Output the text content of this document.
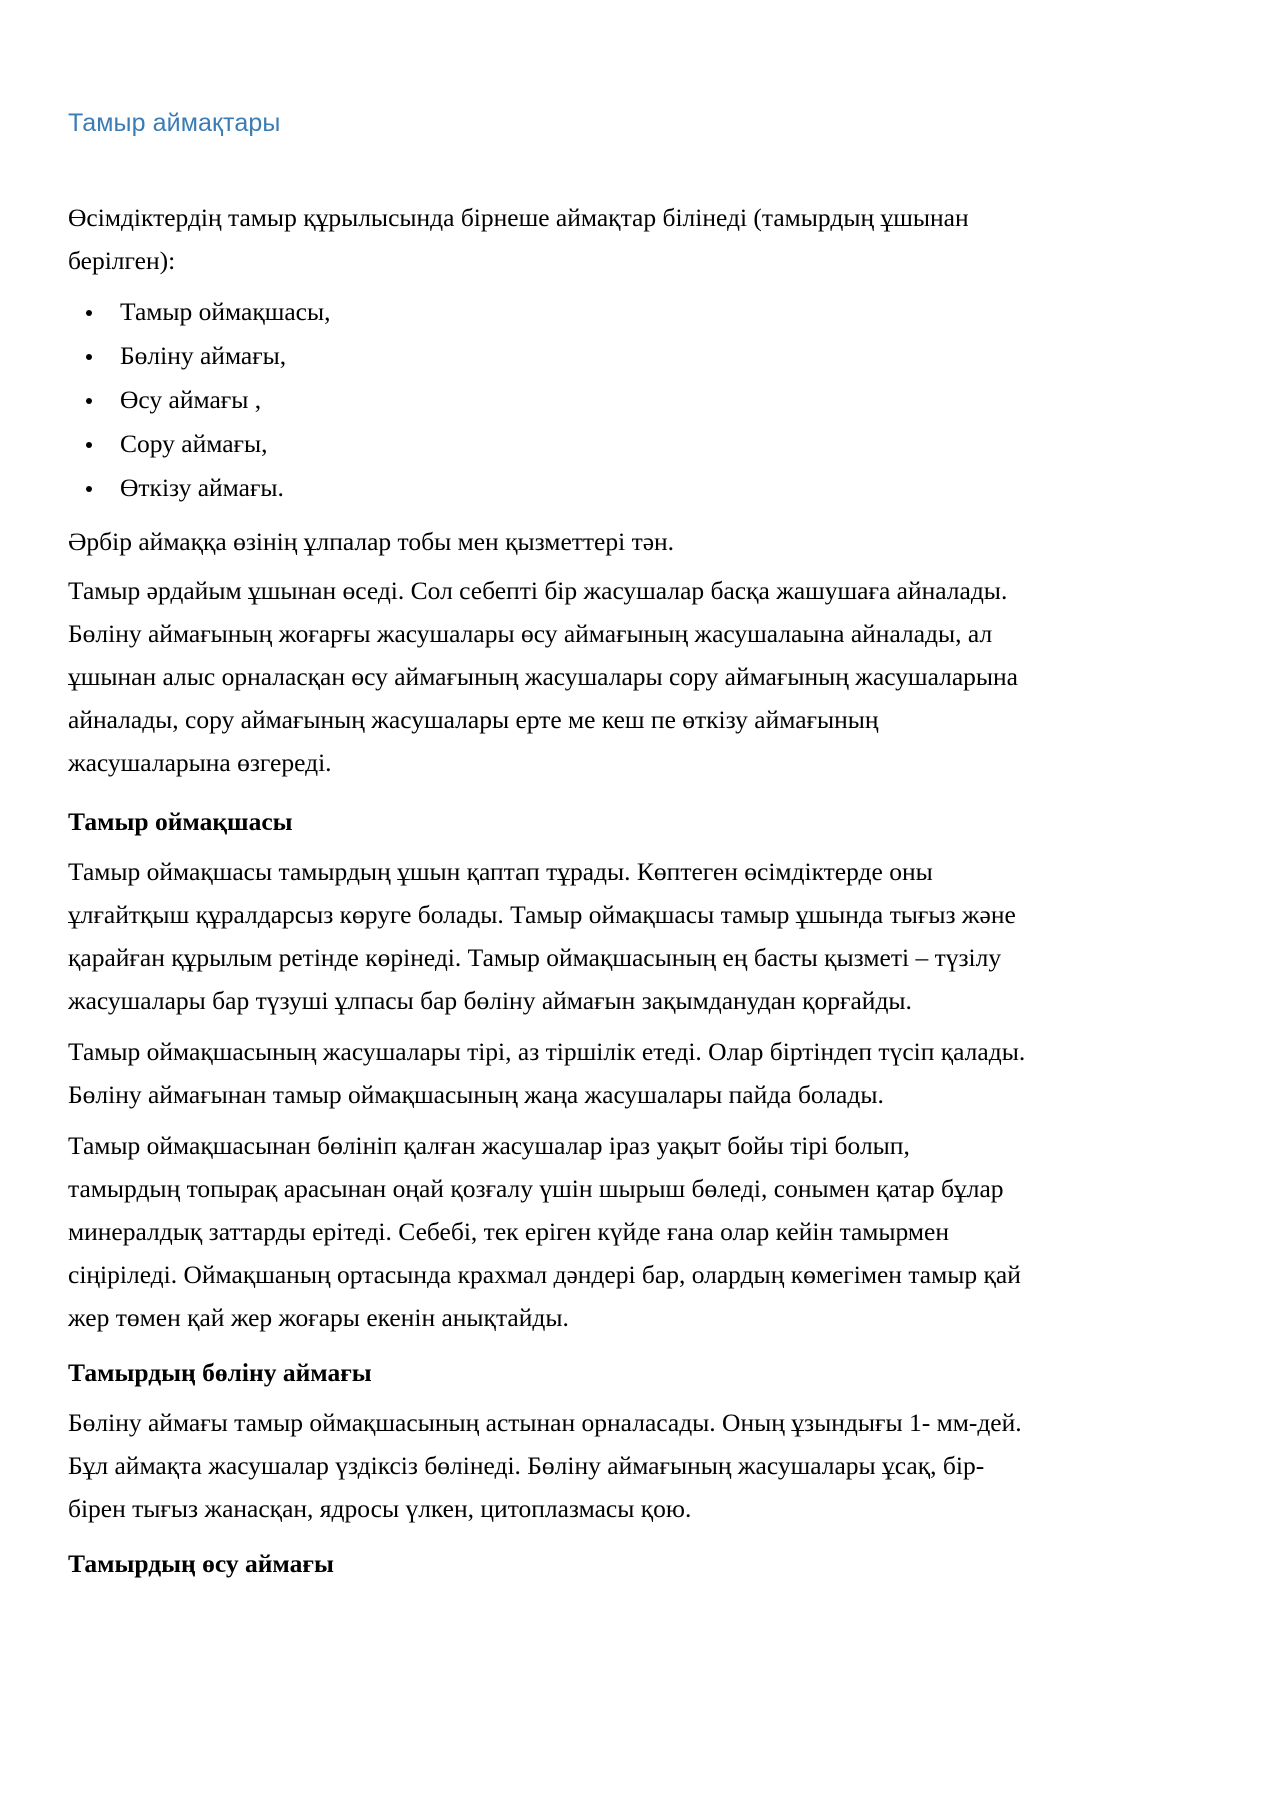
Тамыр аймақтары

Өсімдіктердің тамыр құрылысында бірнеше аймақтар білінеді (тамырдың ұшынан берілген):

Тамыр оймақшасы,
Бөліну аймағы,
Өсу аймағы ,
Сору аймағы,
Өткізу аймағы.

Әрбір аймаққа өзінің ұлпалар тобы мен қызметтері тән.

Тамыр әрдайым ұшынан өседі. Сол себепті бір жасушалар басқа жашушаға айналады. Бөліну аймағының жоғарғы жасушалары өсу аймағының жасушалаына айналады, ал ұшынан алыс орналасқан өсу аймағының жасушалары сору аймағының жасушаларына айналады, сору аймағының жасушалары ерте ме кеш пе өткізу аймағының жасушаларына өзгереді.

Тамыр оймақшасы

Тамыр оймақшасы тамырдың ұшын қаптап тұрады. Көптеген өсімдіктерде оны ұлғайтқыш құралдарсыз көруге болады. Тамыр оймақшасы тамыр ұшында тығыз және қарайған құрылым ретінде көрінеді. Тамыр оймақшасының ең басты қызметі – түзілу жасушалары бар түзуші ұлпасы бар бөліну аймағын зақымданудан қорғайды.

Тамыр оймақшасының жасушалары тірі, аз тіршілік етеді. Олар біртіндеп түсіп қалады. Бөліну аймағынан тамыр оймақшасының жаңа жасушалары пайда болады.

Тамыр оймақшасынан бөлініп қалған жасушалар іраз уақыт бойы тірі болып, тамырдың топырақ арасынан оңай қозғалу үшін шырыш бөледі, сонымен қатар бұлар минералдық заттарды ерітеді. Себебі, тек еріген күйде ғана олар кейін тамырмен сіңіріледі. Оймақшаның ортасында крахмал дәндері бар, олардың көмегімен тамыр қай жер төмен қай жер жоғары екенін анықтайды.

Тамырдың бөліну аймағы

Бөліну аймағы тамыр оймақшасының астынан орналасады. Оның ұзындығы 1- мм-дей. Бұл аймақта жасушалар үздіксіз бөлінеді. Бөліну аймағының жасушалары ұсақ, бір-бірен тығыз жанасқан, ядросы үлкен, цитоплазмасы қою.

Тамырдың өсу аймағы
